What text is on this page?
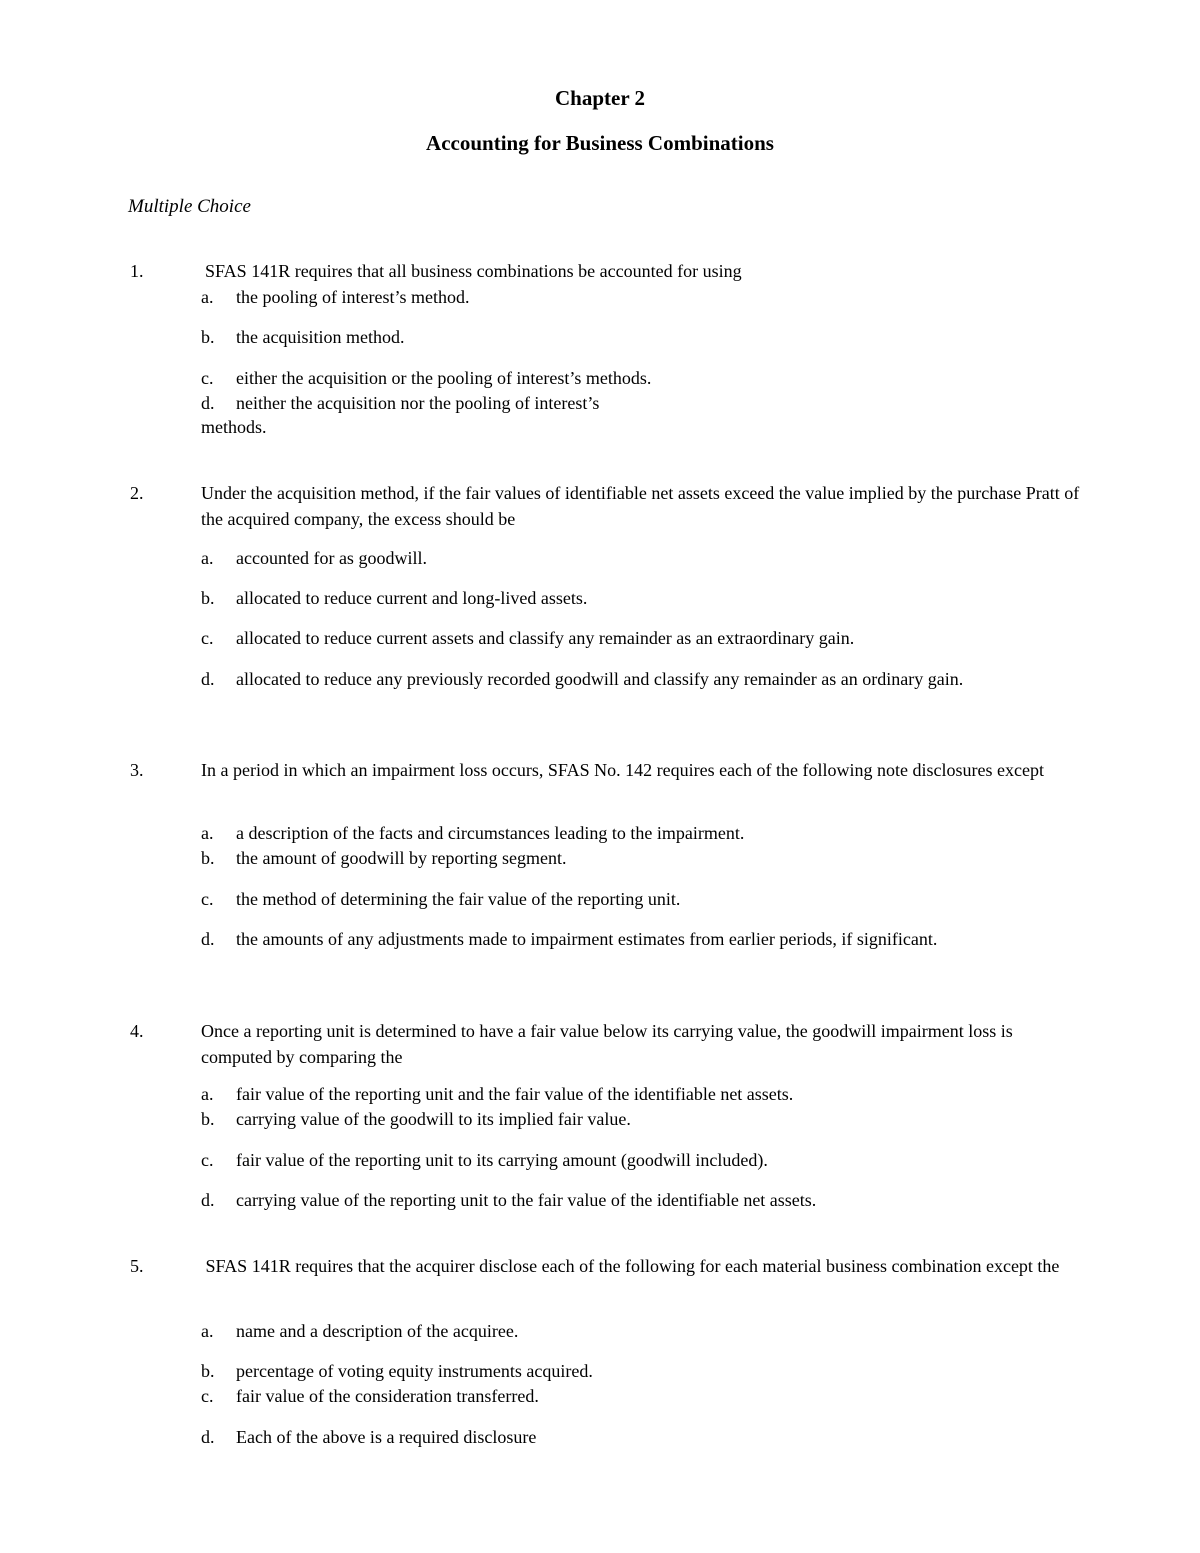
Chapter 2
Accounting for Business Combinations
Multiple Choice
1.	SFAS 141R requires that all business combinations be accounted for using
a. the pooling of interest’s method.
b. the acquisition method.
c. either the acquisition or the pooling of interest’s methods.
d. neither the acquisition nor the pooling of interest’s
methods.
2.	Under the acquisition method, if the fair values of identifiable net assets exceed the value implied by the purchase Pratt of the acquired company, the excess should be
a. accounted for as goodwill.
b. allocated to reduce current and long-lived assets.
c. allocated to reduce current assets and classify any remainder as an extraordinary gain.
d. allocated to reduce any previously recorded goodwill and classify any remainder as an ordinary gain.
3.	In a period in which an impairment loss occurs, SFAS No. 142 requires each of the following note disclosures except
a. a description of the facts and circumstances leading to the impairment.
b. the amount of goodwill by reporting segment.
c. the method of determining the fair value of the reporting unit.
d. the amounts of any adjustments made to impairment estimates from earlier periods, if significant.
4.	Once a reporting unit is determined to have a fair value below its carrying value, the goodwill impairment loss is computed by comparing the
a. fair value of the reporting unit and the fair value of the identifiable net assets.
b. carrying value of the goodwill to its implied fair value.
c. fair value of the reporting unit to its carrying amount (goodwill included).
d. carrying value of the reporting unit to the fair value of the identifiable net assets.
5.	SFAS 141R requires that the acquirer disclose each of the following for each material business combination except the
a. name and a description of the acquiree.
b. percentage of voting equity instruments acquired.
c. fair value of the consideration transferred.
d. Each of the above is a required disclosure
